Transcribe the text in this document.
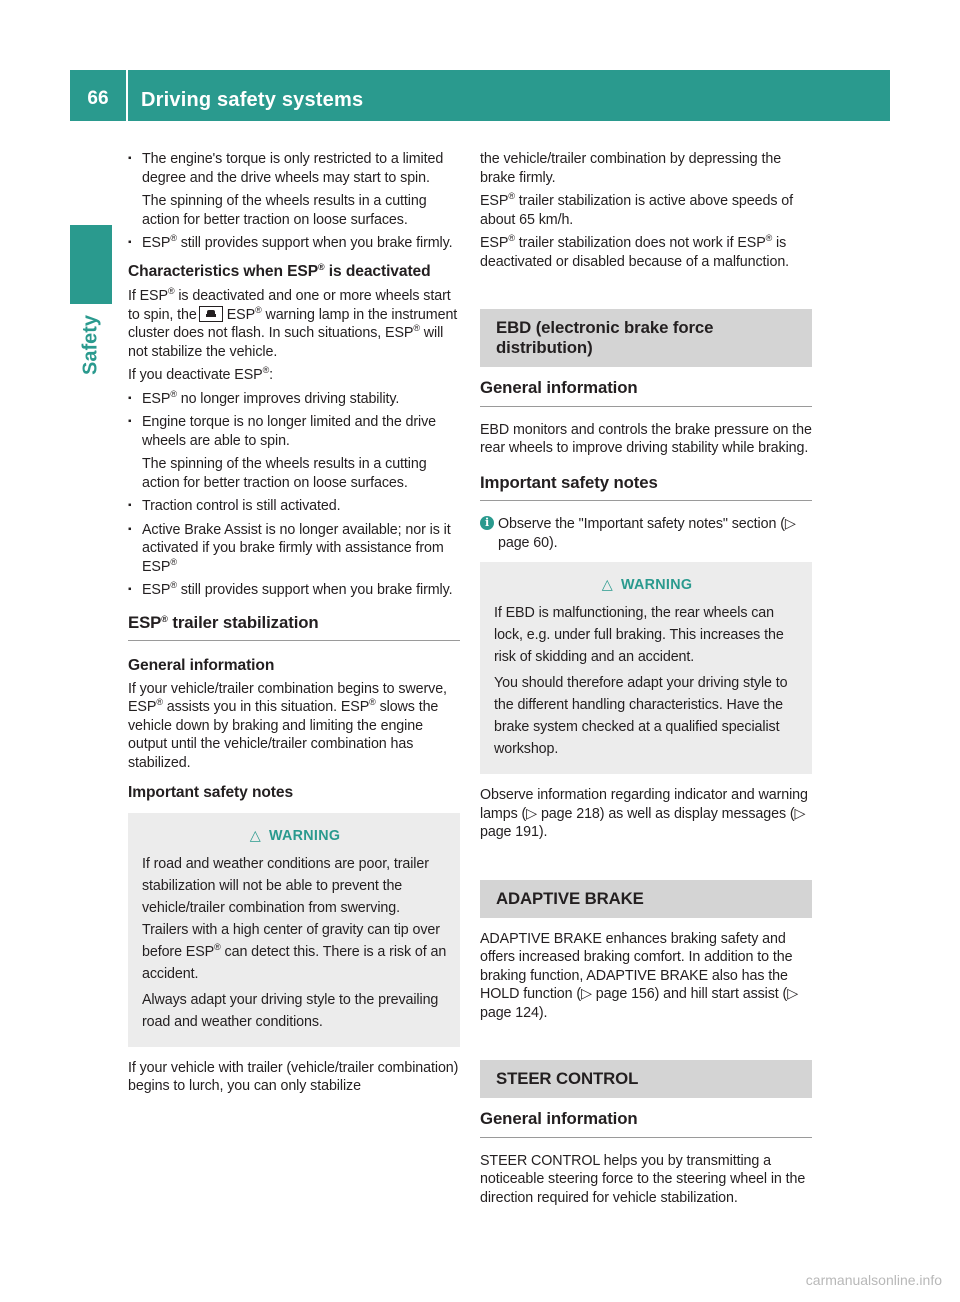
66	Driving safety systems
Safety
▪ The engine's torque is only restricted to a limited degree and the drive wheels may start to spin.

The spinning of the wheels results in a cutting action for better traction on loose surfaces.

▪ ESP® still provides support when you brake firmly.
Characteristics when ESP® is deactivated

If ESP® is deactivated and one or more wheels start to spin, the ESP® warning lamp in the instrument cluster does not flash. In such situations, ESP® will not stabilize the vehicle.

If you deactivate ESP®:

▪ ESP® no longer improves driving stability.
▪ Engine torque is no longer limited and the drive wheels are able to spin.

The spinning of the wheels results in a cutting action for better traction on loose surfaces.

▪ Traction control is still activated.
▪ Active Brake Assist is no longer available; nor is it activated if you brake firmly with assistance from ESP®
▪ ESP® still provides support when you brake firmly.
ESP® trailer stabilization
General information

If your vehicle/trailer combination begins to swerve, ESP® assists you in this situation. ESP® slows the vehicle down by braking and limiting the engine output until the vehicle/trailer combination has stabilized.

Important safety notes
△ WARNING

If road and weather conditions are poor, trailer stabilization will not be able to prevent the vehicle/trailer combination from swerving. Trailers with a high center of gravity can tip over before ESP® can detect this. There is a risk of an accident.

Always adapt your driving style to the prevailing road and weather conditions.

If your vehicle with trailer (vehicle/trailer combination) begins to lurch, you can only stabilize

the vehicle/trailer combination by depressing the brake firmly.

ESP® trailer stabilization is active above speeds of about 65 km/h.

ESP® trailer stabilization does not work if ESP® is deactivated or disabled because of a malfunction.

EBD (electronic brake force distribution)
General information

EBD monitors and controls the brake pressure on the rear wheels to improve driving stability while braking.

Important safety notes
i Observe the "Important safety notes" section (▷ page 60).
△ WARNING

If EBD is malfunctioning, the rear wheels can lock, e.g. under full braking. This increases the risk of skidding and an accident.

You should therefore adapt your driving style to the different handling characteristics. Have the brake system checked at a qualified specialist workshop.

Observe information regarding indicator and warning lamps (▷ page 218) as well as display messages (▷ page 191).

ADAPTIVE BRAKE

ADAPTIVE BRAKE enhances braking safety and offers increased braking comfort. In addition to the braking function, ADAPTIVE BRAKE also has the HOLD function (▷ page 156) and hill start assist (▷ page 124).

STEER CONTROL
General information

STEER CONTROL helps you by transmitting a noticeable steering force to the steering wheel in the direction required for vehicle stabilization.

carmanualsonline.info
